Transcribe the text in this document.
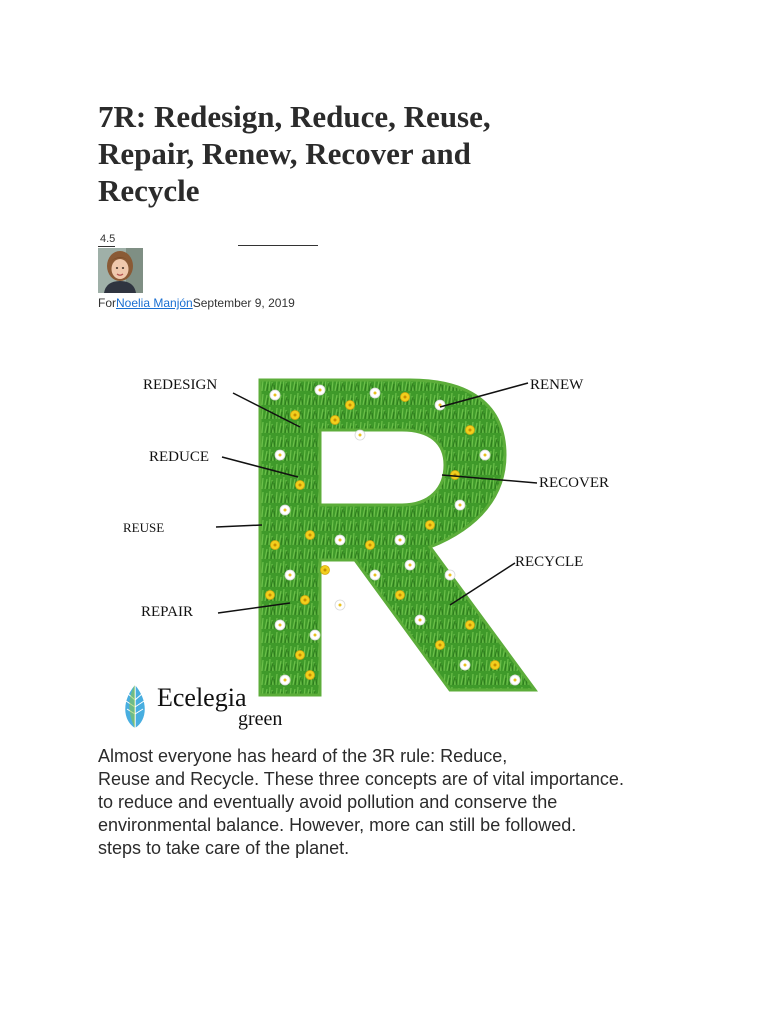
7R: Redesign, Reduce, Reuse,
Repair, Renew, Recover and
Recycle
4.5
ForNoelia ManjónSeptember 9, 2019
REDESIGN
REDUCE
REUSE
REPAIR
RENEW
RECOVER
RECYCLE
Ecelegia
green
Almost everyone has heard of the 3R rule: Reduce,
Reuse and Recycle. These three concepts are of vital importance.
to reduce and eventually avoid pollution and conserve the
environmental balance. However, more can still be followed.
steps to take care of the planet.
